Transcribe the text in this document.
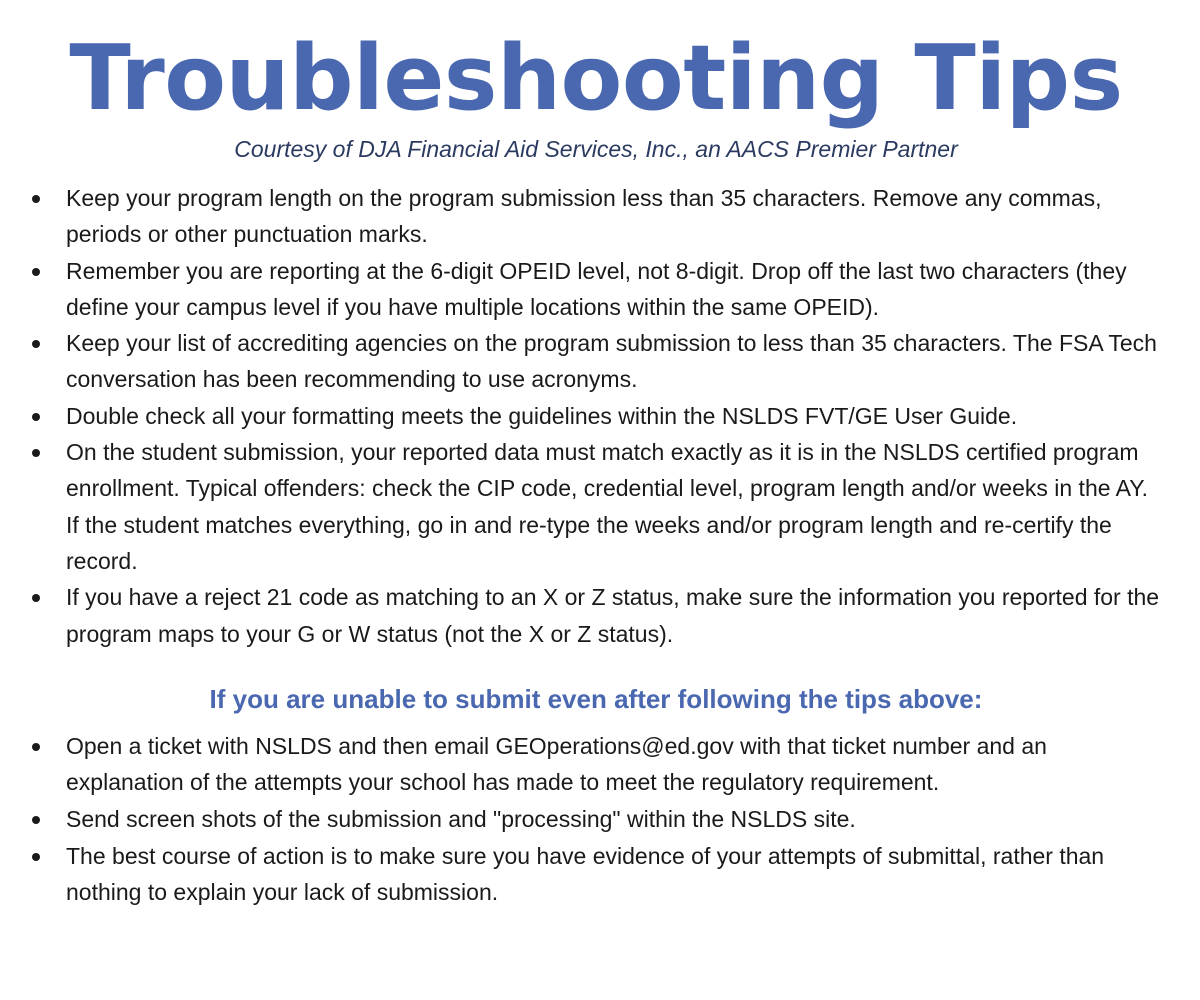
Troubleshooting Tips

Courtesy of DJA Financial Aid Services, Inc., an AACS Premier Partner

Keep your program length on the program submission less than 35 characters. Remove any commas, periods or other punctuation marks.
Remember you are reporting at the 6-digit OPEID level, not 8-digit. Drop off the last two characters (they define your campus level if you have multiple locations within the same OPEID).
Keep your list of accrediting agencies on the program submission to less than 35 characters. The FSA Tech conversation has been recommending to use acronyms.
Double check all your formatting meets the guidelines within the NSLDS FVT/GE User Guide.
On the student submission, your reported data must match exactly as it is in the NSLDS certified program enrollment. Typical offenders: check the CIP code, credential level, program length and/or weeks in the AY. If the student matches everything, go in and re-type the weeks and/or program length and re-certify the record.
If you have a reject 21 code as matching to an X or Z status, make sure the information you reported for the program maps to your G or W status (not the X or Z status).
If you are unable to submit even after following the tips above:
Open a ticket with NSLDS and then email GEOperations@ed.gov with that ticket number and an explanation of the attempts your school has made to meet the regulatory requirement.
Send screen shots of the submission and "processing" within the NSLDS site.
The best course of action is to make sure you have evidence of your attempts of submittal, rather than nothing to explain your lack of submission.
